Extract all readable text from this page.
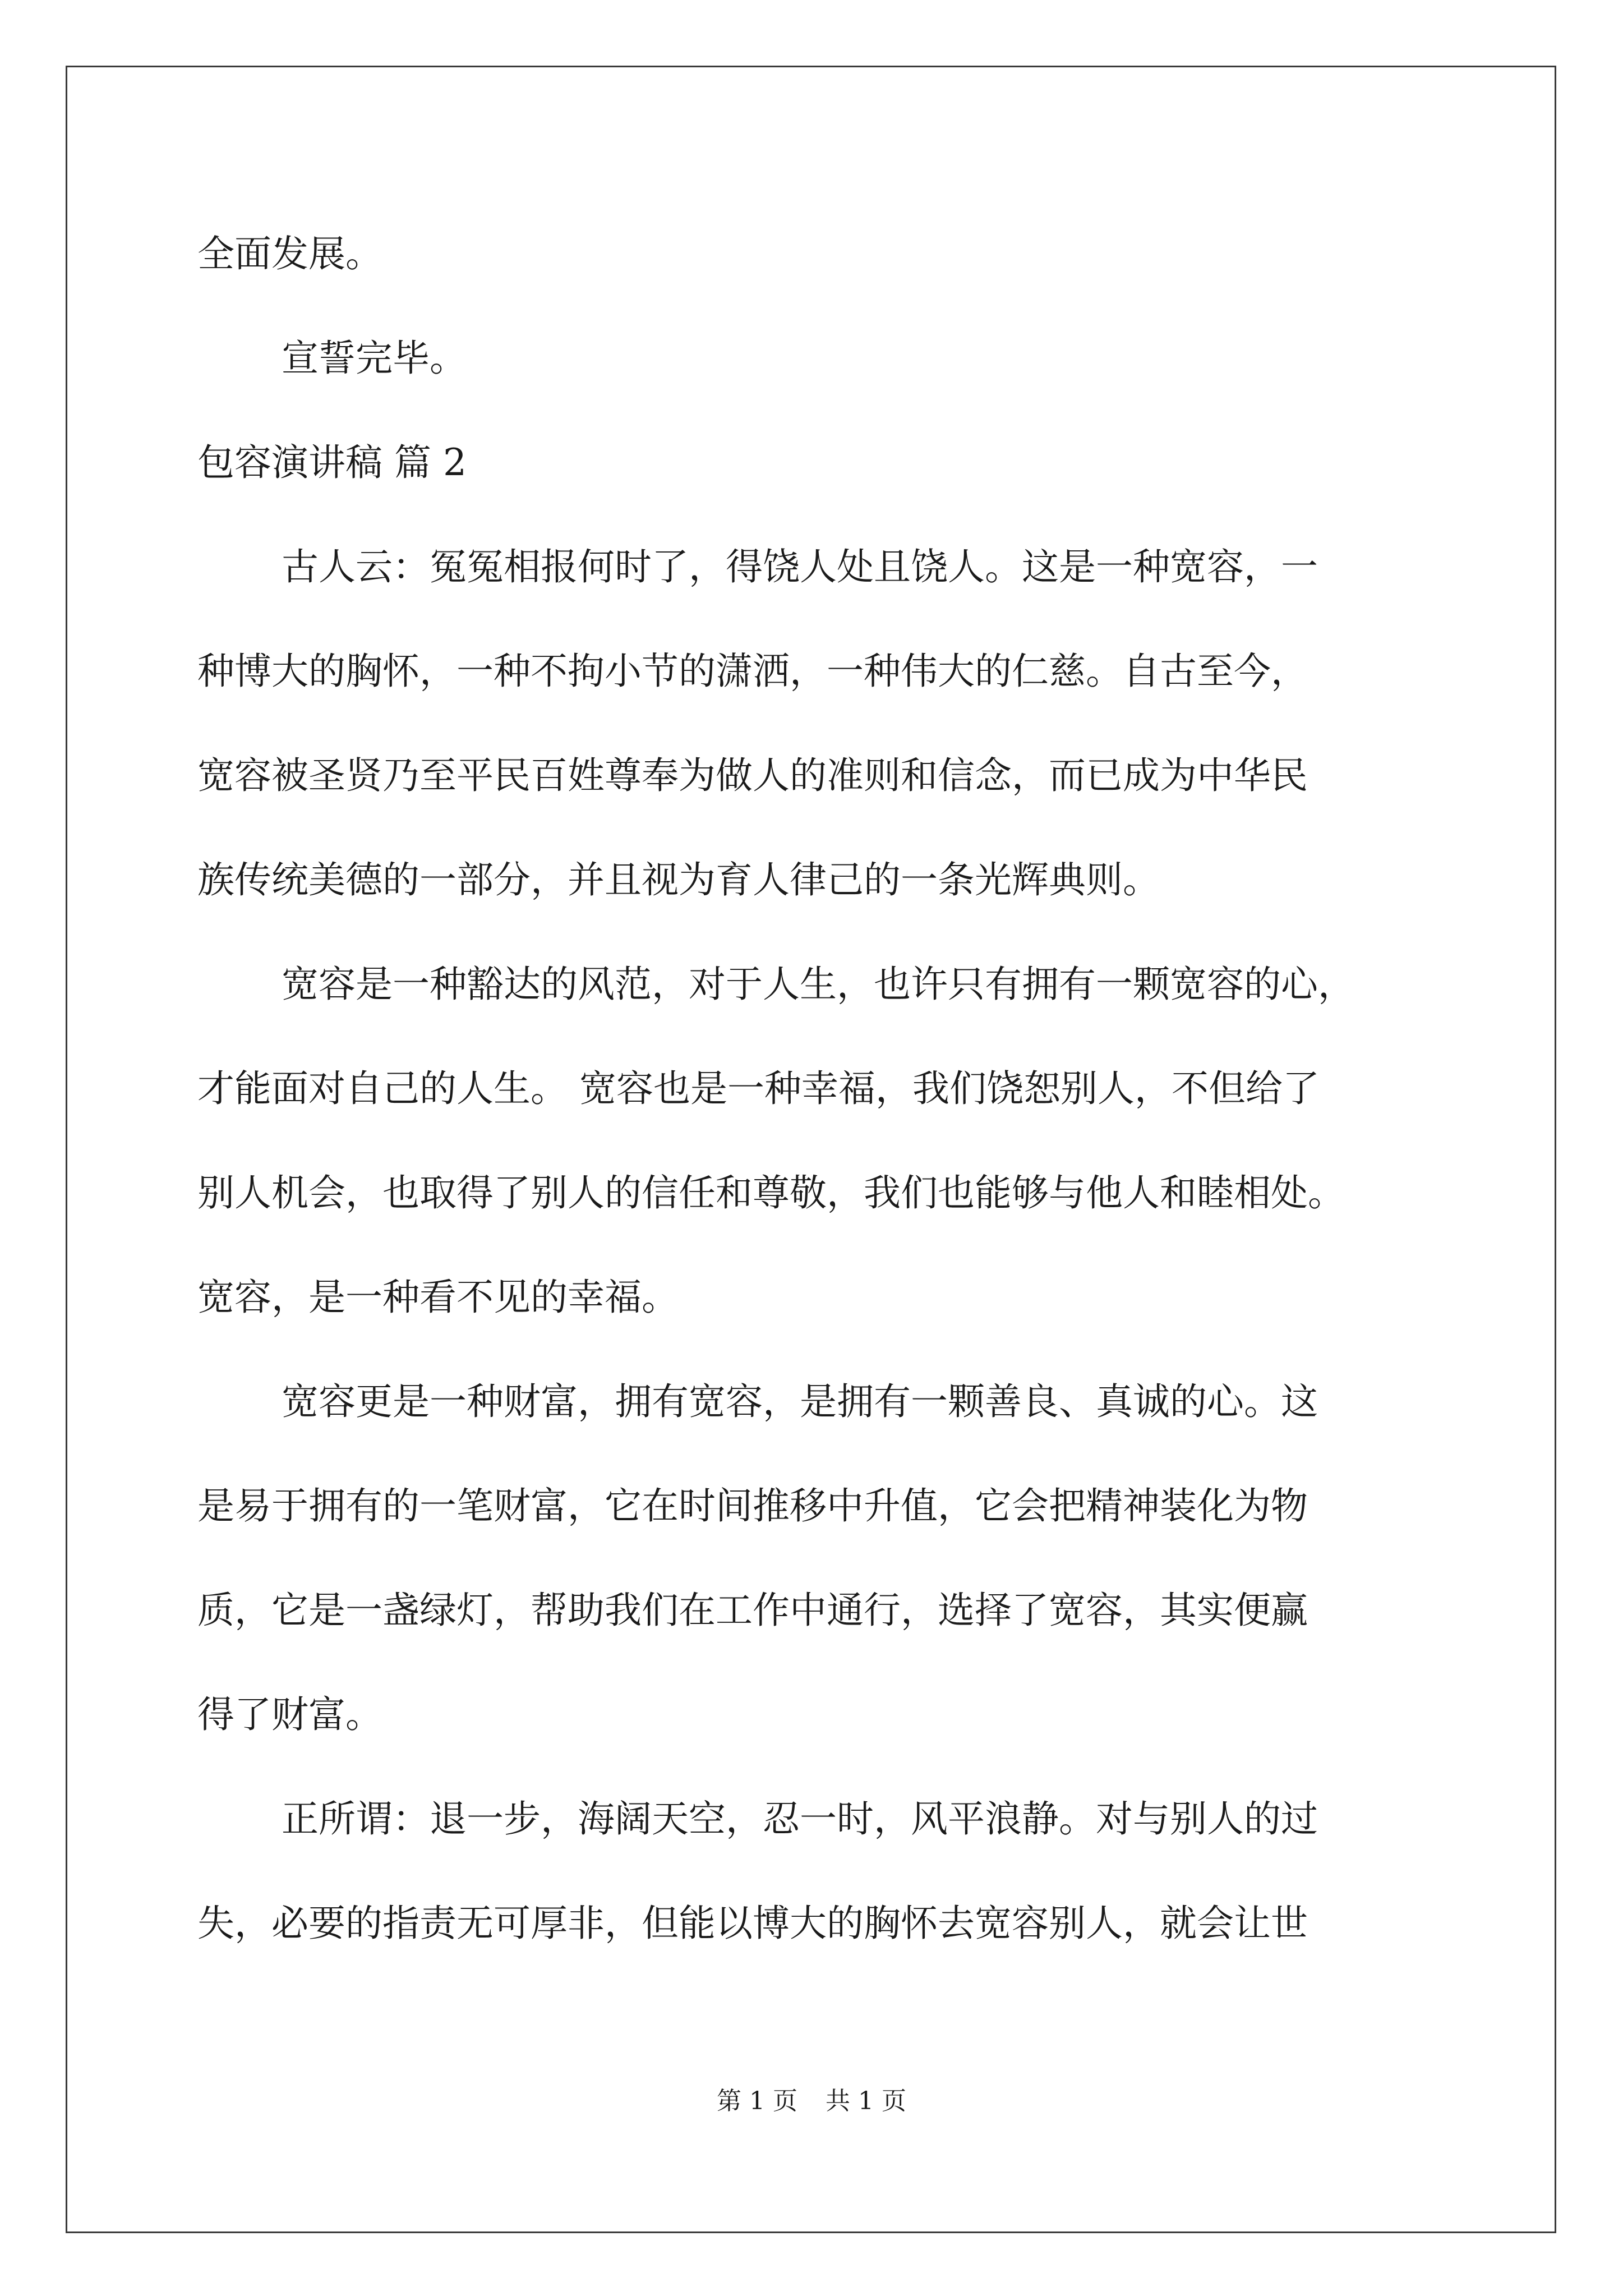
全面发展。
宣誓完毕。
包容演讲稿 篇 2
古人云：冤冤相报何时了，得饶人处且饶人。这是一种宽容，一
种博大的胸怀，一种不拘小节的潇洒，一种伟大的仁慈。自古至今，
宽容被圣贤乃至平民百姓尊奉为做人的准则和信念，而已成为中华民
族传统美德的一部分，并且视为育人律己的一条光辉典则。
宽容是一种豁达的风范，对于人生，也许只有拥有一颗宽容的心，
才能面对自己的人生。 宽容也是一种幸福，我们饶恕别人，不但给了
别人机会，也取得了别人的信任和尊敬，我们也能够与他人和睦相处。
宽容，是一种看不见的幸福。
宽容更是一种财富，拥有宽容，是拥有一颗善良、真诚的心。这
是易于拥有的一笔财富，它在时间推移中升值，它会把精神装化为物
质，它是一盏绿灯，帮助我们在工作中通行，选择了宽容，其实便赢
得了财富。
正所谓：退一步，海阔天空，忍一时，风平浪静。对与别人的过
失，必要的指责无可厚非，但能以博大的胸怀去宽容别人，就会让世
第 1 页 共 1 页
